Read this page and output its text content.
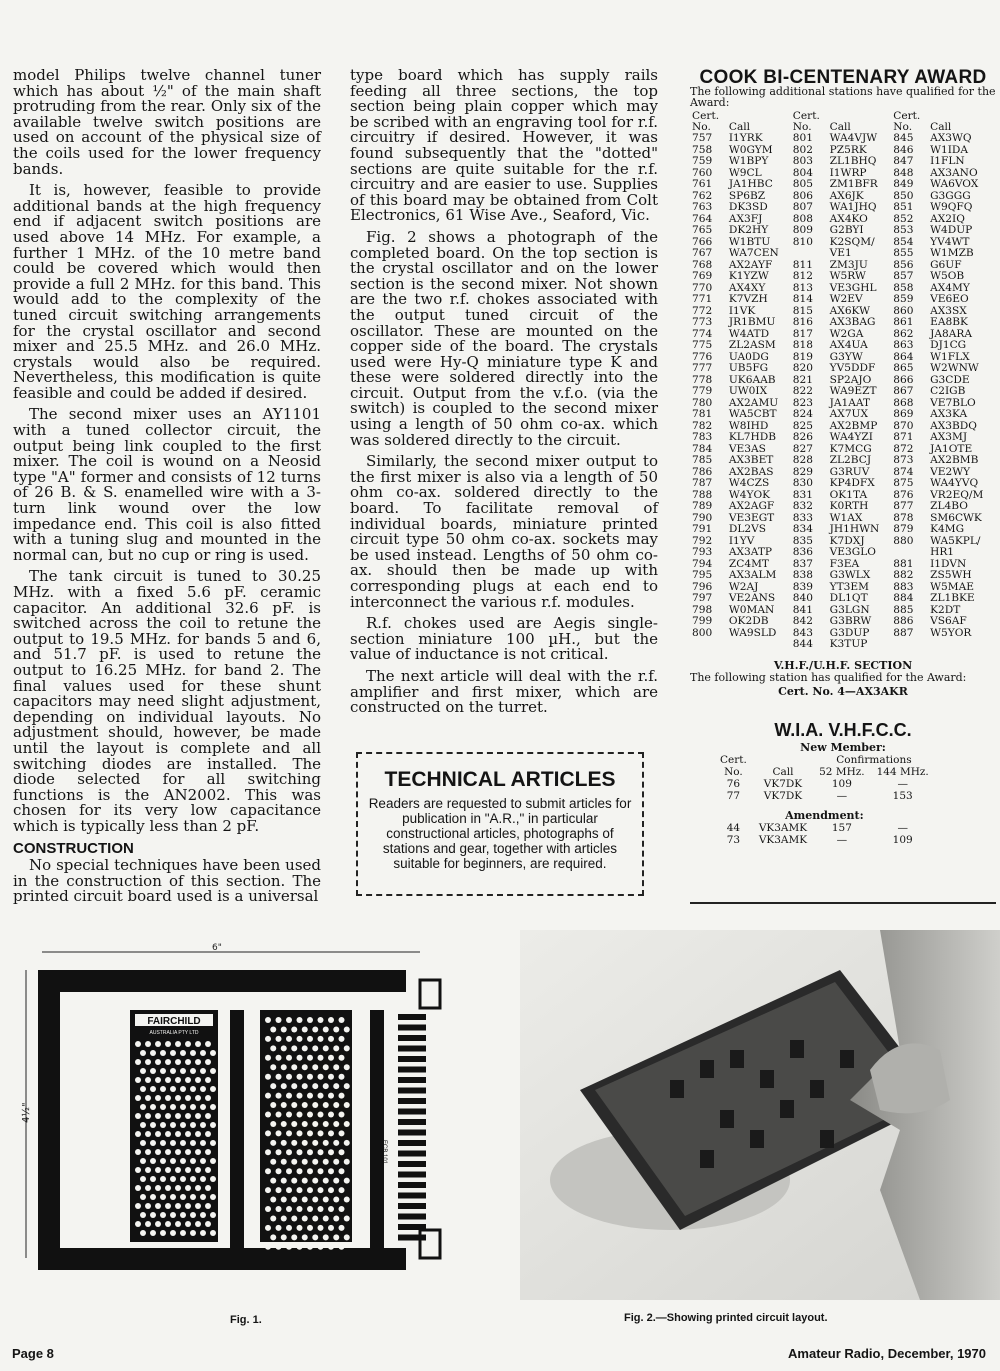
model Philips twelve channel tuner which has about ½" of the main shaft protruding from the rear. Only six of the available twelve switch positions are used on account of the physical size of the coils used for the lower frequency bands.

It is, however, feasible to provide additional bands at the high frequency end if adjacent switch positions are used above 14 MHz. For example, a further 1 MHz. of the 10 metre band could be covered which would then provide a full 2 MHz. for this band. This would add to the complexity of the tuned circuit switching arrangements for the crystal oscillator and second mixer and 25.5 MHz. and 26.0 MHz. crystals would also be required. Nevertheless, this modification is quite feasible and could be added if desired.

The second mixer uses an AY1101 with a tuned collector circuit, the output being link coupled to the first mixer. The coil is wound on a Neosid type "A" former and consists of 12 turns of 26 B. & S. enamelled wire with a 3-turn link wound over the low impedance end. This coil is also fitted with a tuning slug and mounted in the normal can, but no cup or ring is used.

The tank circuit is tuned to 30.25 MHz. with a fixed 5.6 pF. ceramic capacitor. An additional 32.6 pF. is switched across the coil to retune the output to 19.5 MHz. for bands 5 and 6, and 51.7 pF. is used to retune the output to 16.25 MHz. for band 2. The final values used for these shunt capacitors may need slight adjustment, depending on individual layouts. No adjustment should, however, be made until the layout is complete and all switching diodes are installed. The diode selected for all switching functions is the AN2002. This was chosen for its very low capacitance which is typically less than 2 pF.

CONSTRUCTION

No special techniques have been used in the construction of this section. The printed circuit board used is a universal

type board which has supply rails feeding all three sections, the top section being plain copper which may be scribed with an engraving tool for r.f. circuitry if desired. However, it was found subsequently that the "dotted" sections are quite suitable for the r.f. circuitry and are easier to use. Supplies of this board may be obtained from Colt Electronics, 61 Wise Ave., Seaford, Vic.

Fig. 2 shows a photograph of the completed board. On the top section is the crystal oscillator and on the lower section is the second mixer. Not shown are the two r.f. chokes associated with the output tuned circuit of the oscillator. These are mounted on the copper side of the board. The crystals used were Hy-Q miniature type K and these were soldered directly into the circuit. Output from the v.f.o. (via the switch) is coupled to the second mixer using a length of 50 ohm co-ax. which was soldered directly to the circuit.

Similarly, the second mixer output to the first mixer is also via a length of 50 ohm co-ax. soldered directly to the board. To facilitate removal of individual boards, miniature printed circuit type 50 ohm co-ax. sockets may be used instead. Lengths of 50 ohm co-ax. should then be made up with corresponding plugs at each end to interconnect the various r.f. modules.

R.f. chokes used are Aegis single-section miniature 100 µH., but the value of inductance is not critical.

The next article will deal with the r.f. amplifier and first mixer, which are constructed on the turret.

TECHNICAL ARTICLES
Readers are requested to submit articles for publication in "A.R.," in particular constructional articles, photographs of stations and gear, together with articles suitable for beginners, are required.
COOK BI-CENTENARY AWARD
The following additional stations have qualified for the Award:
Cert.		Cert.		Cert.	
No.	Call	No.	Call	No.	Call
757	I1YRK	801	WA4VJW	845	AX3WQ
758	W0GYM	802	PZ5RK	846	W1IDA
759	W1BPY	803	ZL1BHQ	847	I1FLN
760	W9CL	804	I1WRP	848	AX3ANO
761	JA1HBC	805	ZM1BFR	849	WA6VOX
762	SP6BZ	806	AX6JK	850	G3GGG
763	DK3SD	807	WA1JHQ	851	W9QFQ
764	AX3FJ	808	AX4KO	852	AX2IQ
765	DK2HY	809	G2BYI	853	W4DUP
766	W1BTU	810	K2SQM/	854	YV4WT
767	WA7CEN		VE1	855	W1MZB
768	AX2AYF	811	ZM3JU	856	G6UF
769	K1YZW	812	W5RW	857	W5OB
770	AX4XY	813	VE3GHL	858	AX4MY
771	K7VZH	814	W2EV	859	VE6EO
772	I1VK	815	AX6KW	860	AX3SX
773	JR1BMU	816	AX3BAG	861	EA8BK
774	W4ATD	817	W2GA	862	JA8ARA
775	ZL2ASM	818	AX4UA	863	DJ1CG
776	UA0DG	819	G3YW	864	W1FLX
777	UB5FG	820	YV5DDF	865	W2WNW
778	UK6AAB	821	SP2AJO	866	G3CDE
779	UW0IX	822	WA9EZT	867	C2IGB
780	AX2AMU	823	JA1AAT	868	VE7BLO
781	WA5CBT	824	AX7UX	869	AX3KA
782	W8IHD	825	AX2BMP	870	AX3BDQ
783	KL7HDB	826	WA4YZI	871	AX3MJ
784	VE3AS	827	K7MCG	872	JA1OTE
785	AX3BET	828	ZL2BCJ	873	AX2BMB
786	AX2BAS	829	G3RUV	874	VE2WY
787	W4CZS	830	KP4DFX	875	WA4YVQ
788	W4YOK	831	OK1TA	876	VR2EQ/M
789	AX2AGF	832	K0RTH	877	ZL4BO
790	VE3EGT	833	W1AX	878	SM6CWK
791	DL2VS	834	JH1HWN	879	K4MG
792	I1YV	835	K7DXJ	880	WA5KPL/
793	AX3ATP	836	VE3GLO		HR1
794	ZC4MT	837	F3EA	881	I1DVN
795	AX3ALM	838	G3WLX	882	ZS5WH
796	W2AJ	839	YT3EM	883	W5MAE
797	VE2ANS	840	DL1QT	884	ZL1BKE
798	W0MAN	841	G3LGN	885	K2DT
799	OK2DB	842	G3BRW	886	VS6AF
800	WA9SLD	843	G3DUP	887	W5YOR
		844	K3TUP		
V.H.F./U.H.F. SECTION
The following station has qualified for the Award:
Cert. No. 4—AX3AKR
W.I.A. V.H.F.C.C.
New Member:
Cert.		Confirmations	
No.	Call	52 MHz.	144 MHz.
76	VK7DK	109	—
77	VK7DK	—	153
Amendment:			
44	VK3AMK	157	—
73	VK3AMK	—	109
6"
4½"
FAIRCHILD
AUSTRALIA PTY LTD
ECB 101
Fig. 1.	Fig. 2.—Showing printed circuit layout.
Page 8	Amateur Radio, December, 1970
